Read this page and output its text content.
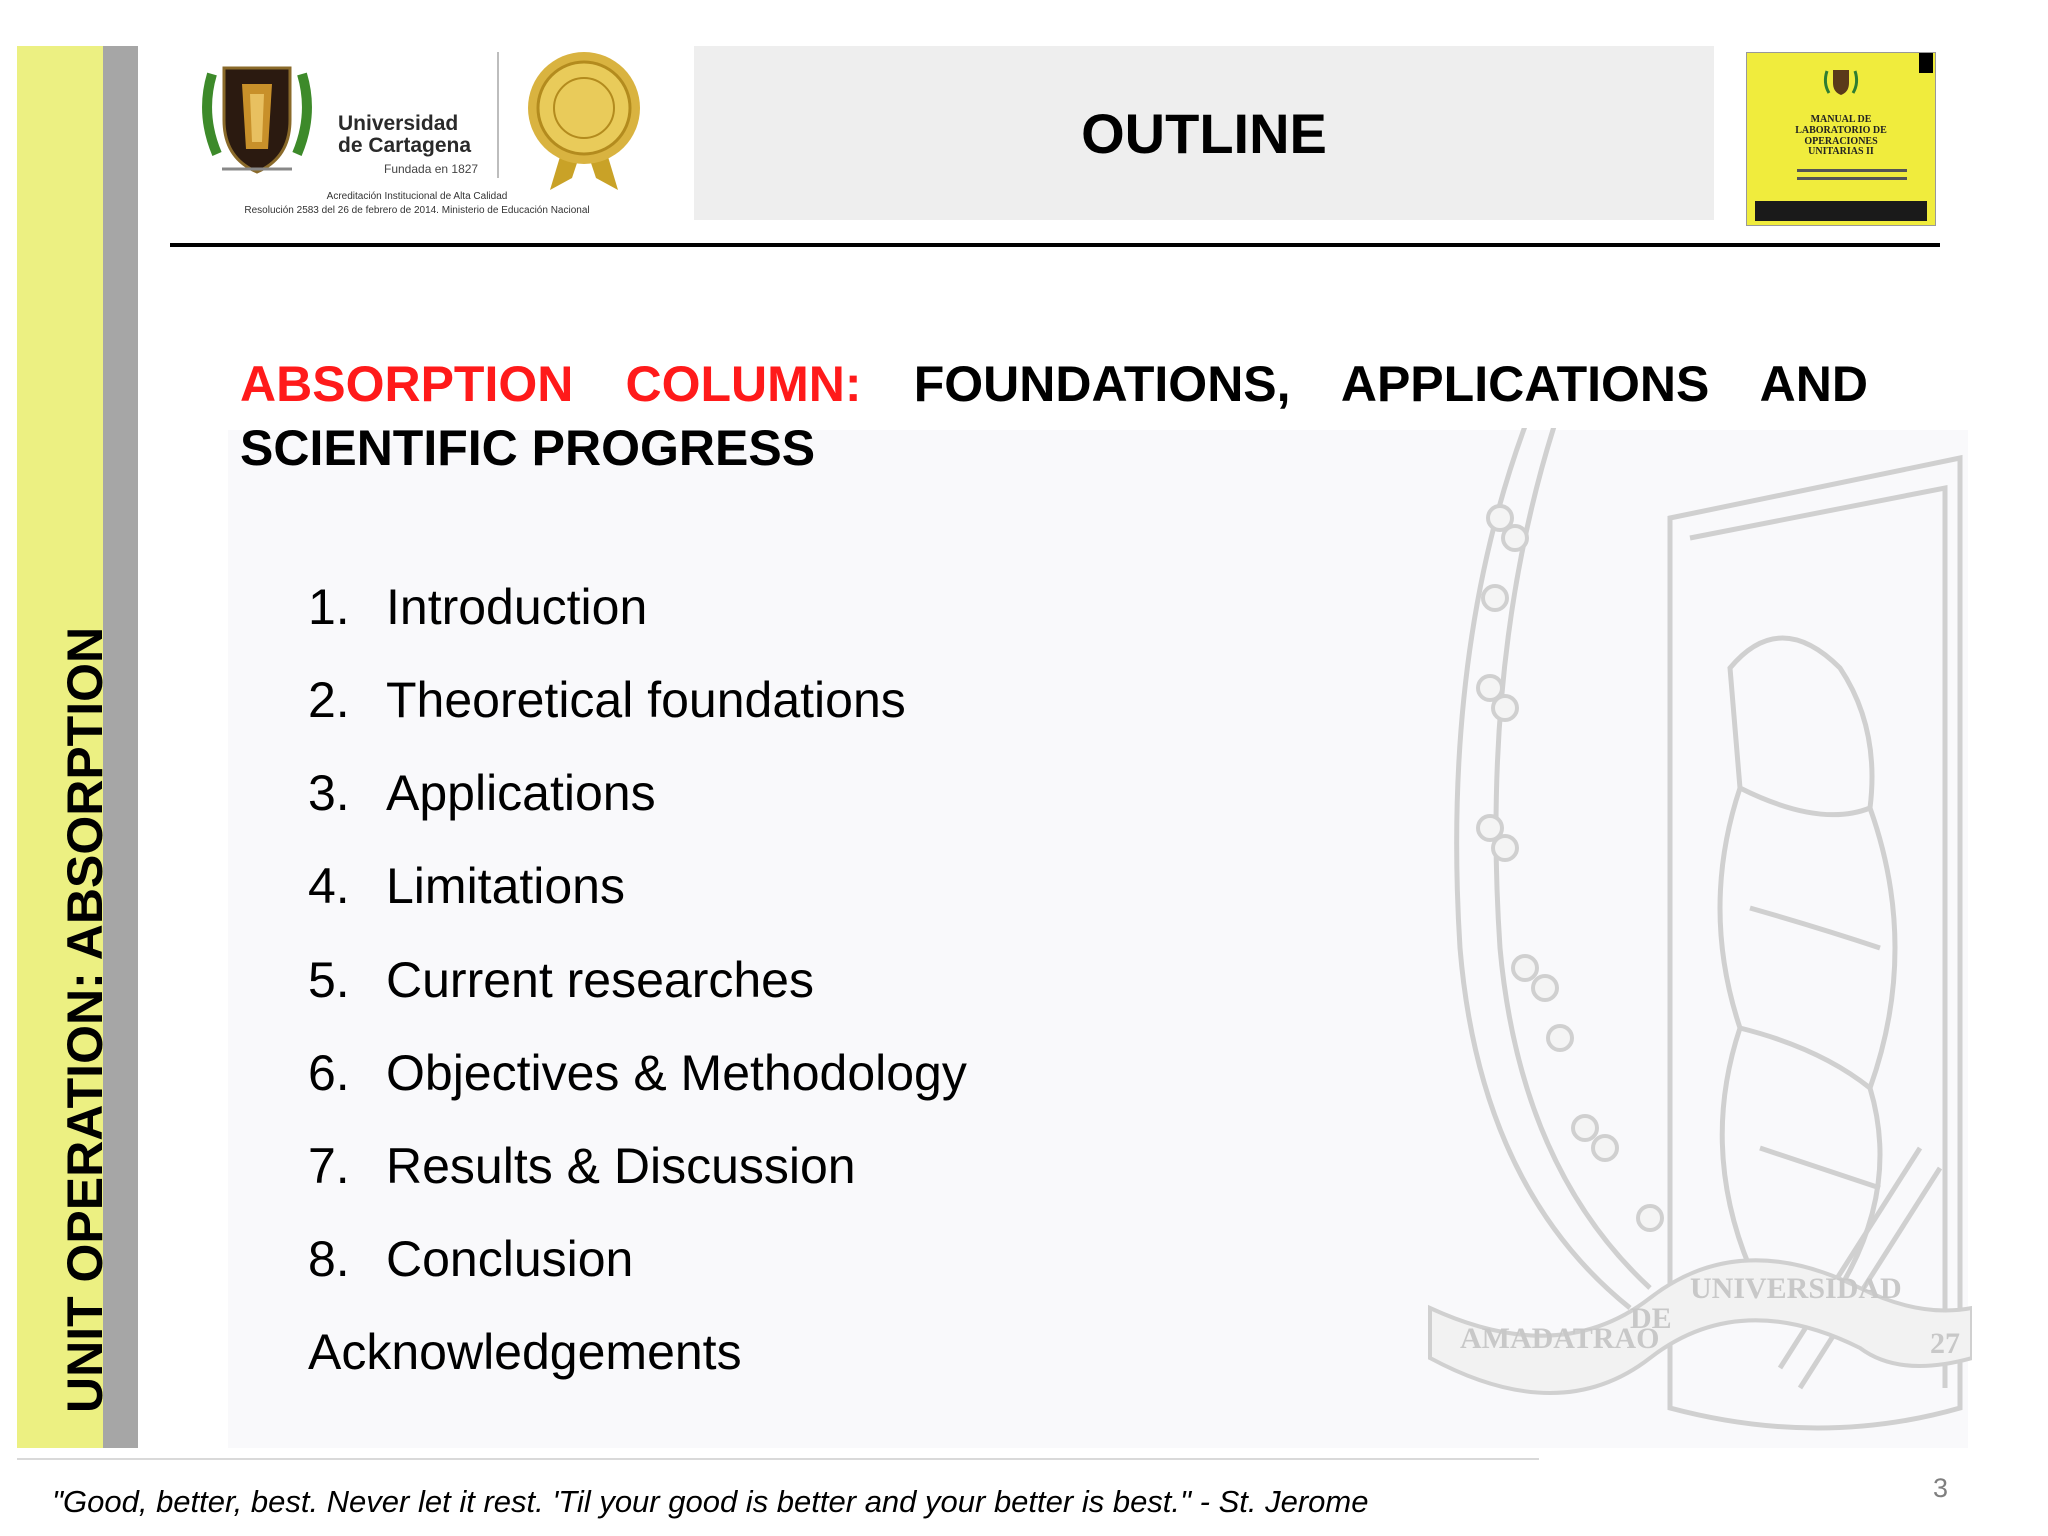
UNIT OPERATION: ABSORPTION
Universidad
de Cartagena
Fundada en 1827
Acreditación Institucional de Alta Calidad
Resolución 2583 del 26 de febrero de 2014. Ministerio de Educación Nacional
OUTLINE	MANUAL DE
LABORATORIO DE
OPERACIONES
UNITARIAS II
AMADATRAO
DE
UNIVERSIDAD
27
ABSORPTION COLUMN: FOUNDATIONS, APPLICATIONS AND SCIENTIFIC PROGRESS
1. Introduction
2. Theoretical foundations
3. Applications
4. Limitations
5. Current researches
6. Objectives & Methodology
7. Results & Discussion
8. Conclusion
Acknowledgements
"Good, better, best. Never let it rest. 'Til your good is better and your better is best." - St. Jerome	3
